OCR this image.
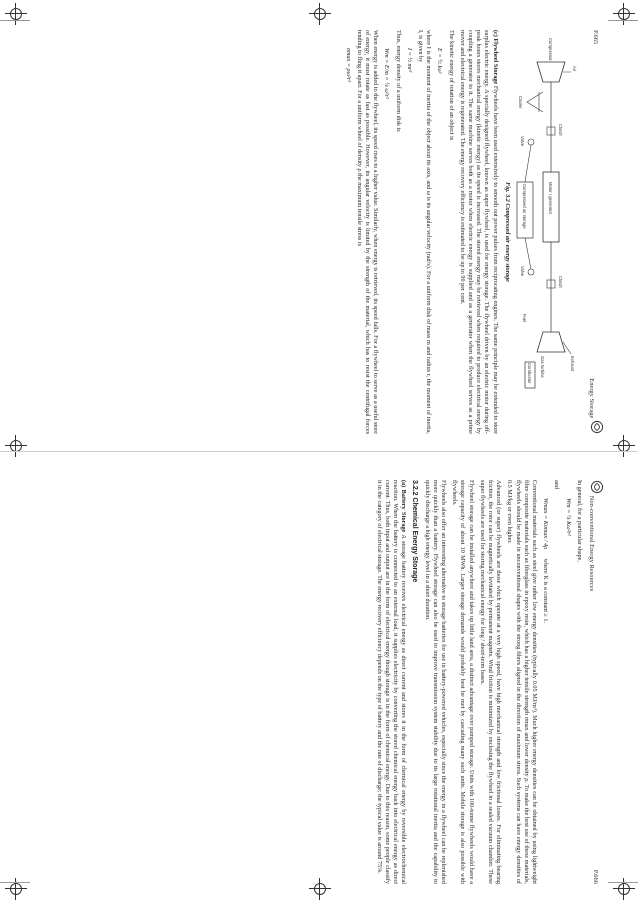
P.665
Energy Storage
Compressor
Air
Clutch
Motor / generator
Clutch
Gas turbine	Exhaust
Combustor
Fuel
Cooler
Valve
Valve
Compressed air storage
Fig. 3.2 Compressed air energy storage

(c) Flywheel Storage Flywheels have been used extensively to smooth out power pulses from reciprocating engines. The same principle may be extended to store surplus electric energy. A specially designed flywheel, known as super flywheel, is used for energy storage. The flywheel driven by an electric motor during off-peak hours stores mechanical energy (kinetic energy) as its speed is increased. The stored energy may be retrieved when required to produce electrical energy by coupling a generator to it. The same machine serves both as a motor when electric energy is supplied and as a generator when the flywheel serves as a prime mover and electrical energy is regenerated. The energy recovery efficiency is estimated to be up to 90 per cent.

The kinetic energy of rotation of an object is

E = ½ Iω²

where I is the moment of inertia of the object about its axis, and ω is its angular velocity (rad/s). For a uniform disk of mass m and radius r, the moment of inertia, I, is given by

I = ½ mr²

Thus, energy density of a uniform disk is

Wm = E/m = ¼ ω²r²

When energy is added to the flywheel, its speed rises to a higher value. Similarly, when energy is retrieved, its speed falls. For a flywheel to serve as a useful store of energy, it must rotate as fast as possible. However, its angular velocity is limited by the strength of the material, which has to resist the centrifugal forces tending to fling it apart. For a uniform wheel of density ρ the maximum tensile stress is

σmax = ρω²r²
Non-conventional Energy Resources
P.666

In general, for a particular shape,

Wm = ¼ Kω²r²

and

Wmax = Kσmax / 4ρ where K is a constant ≥ 1.

Conventional materials such as steel give rather low energy densities (typically 0.05 MJ/m³). Much higher energy densities can be obtained by using lightweight fibre composite materials such as fiberglass in epoxy resin, which has a higher tensile strength σmax and lower density ρ. To make the best use of these materials, flywheels should be made in unconventional shapes with the strong fibres aligned in the direction of maximum stress. Such systems can have energy densities of 0.5 MJ/kg or even higher.

Advanced (or super) flywheels are those which operate at a very high speed, have high mechanical strength and low frictional losses. For eliminating bearing friction, the rotor can be magnetically levitated by permanent magnets. Wind friction is minimized by enclosing the flywheel in a sealed vacuum chamber. These super flywheels are used for storing mechanical energy for long / short-term bases.

Flywheel storage can be installed anywhere and takes up little land area, a distinct advantage over pumped storage. Units with 100-tonne flywheels would have a storage capacity of about 10 MWh. Larger storage demands would probably best be met by cascading many such units. Mobile storage is also possible with flywheels.

Flywheels also offer an interesting alternative to storage batteries for use in battery-powered vehicles, especially since the energy in a flywheel can be replenished more quickly than a battery. Flywheel storage can also be used to improve transmission system stability due to its large rotational inertia and the capability to quickly discharge a high energy level in a short duration.

3.2.2 Chemical Energy Storage

(a) Battery Storage A storage battery receives electrical energy as direct current and stores it in the form of chemical energy by reversible electrochemical reaction. When the battery is connected to an external load, it supplies electricity by converting the stored chemical energy back into electrical energy as direct current. Thus, both input and output are in the form of electrical energy though storage is in the form of chemical energy. Due to this reason, some people classify it in the category of electrical storage. The energy recovery efficiency depends on the type of battery and the rate of discharge; the typical value is around 75%.
